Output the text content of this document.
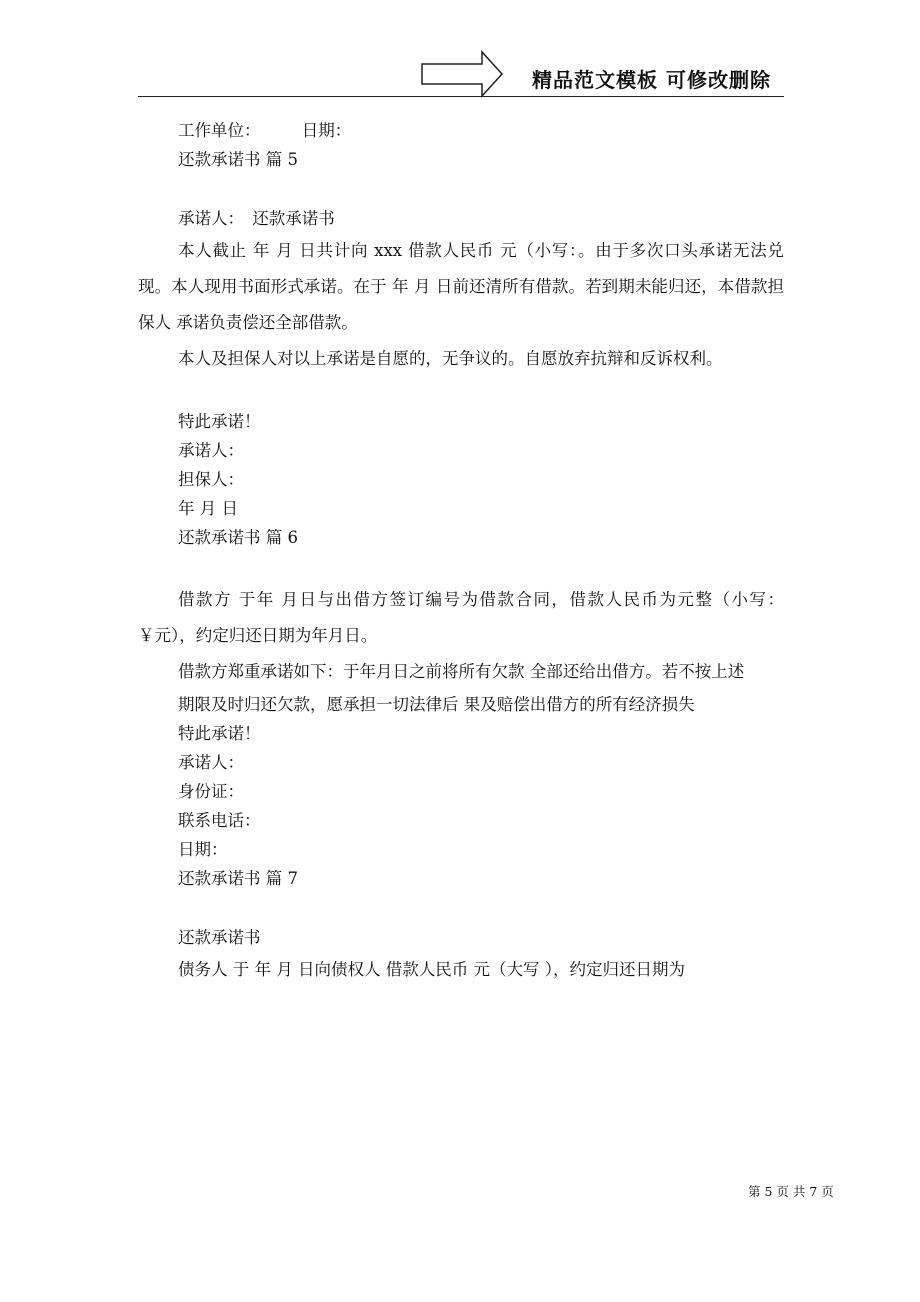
精品范文模板 可修改删除
工作单位：　　　日期：
还款承诺书 篇 5
承诺人：　还款承诺书
本人截止 年 月 日共计向 xxx 借款人民币 元（小写：。由于多次口头承诺无法兑现。本人现用书面形式承诺。在于 年 月 日前还清所有借款。若到期未能归还，本借款担保人 承诺负责偿还全部借款。
本人及担保人对以上承诺是自愿的，无争议的。自愿放弃抗辩和反诉权利。
特此承诺！
承诺人：
担保人：
年 月 日
还款承诺书 篇 6
借款方 于年 月日与出借方签订编号为借款合同，借款人民币为元整（小写： ￥元），约定归还日期为年月日。
借款方郑重承诺如下：于年月日之前将所有欠款 全部还给出借方。若不按上述
期限及时归还欠款，愿承担一切法律后 果及赔偿出借方的所有经济损失
特此承诺！
承诺人：
身份证：
联系电话：
日期：
还款承诺书 篇 7
还款承诺书
债务人 于 年 月 日向债权人 借款人民币 元（大写 ），约定归还日期为
第 5 页 共 7 页
